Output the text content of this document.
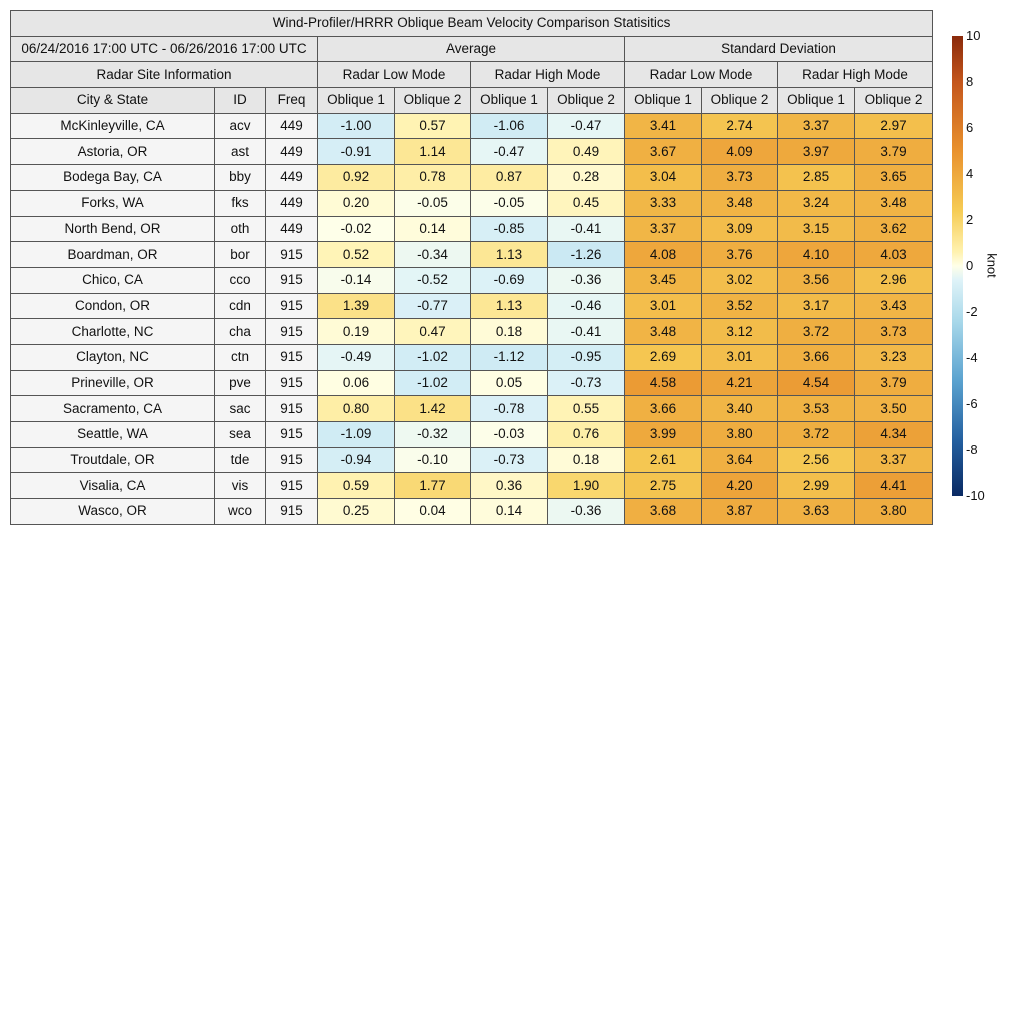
Wind-Profiler/HRRR Oblique Beam Velocity Comparison Statisitics										
06/24/2016 17:00 UTC - 06/26/2016 17:00 UTC			Average				Standard Deviation			
Radar Site Information			Radar Low Mode		Radar High Mode		Radar Low Mode		Radar High Mode	
City & State	ID	Freq	Oblique 1	Oblique 2	Oblique 1	Oblique 2	Oblique 1	Oblique 2	Oblique 1	Oblique 2
McKinleyville, CA	acv	449	-1.00	0.57	-1.06	-0.47	3.41	2.74	3.37	2.97
Astoria, OR	ast	449	-0.91	1.14	-0.47	0.49	3.67	4.09	3.97	3.79
Bodega Bay, CA	bby	449	0.92	0.78	0.87	0.28	3.04	3.73	2.85	3.65
Forks, WA	fks	449	0.20	-0.05	-0.05	0.45	3.33	3.48	3.24	3.48
North Bend, OR	oth	449	-0.02	0.14	-0.85	-0.41	3.37	3.09	3.15	3.62
Boardman, OR	bor	915	0.52	-0.34	1.13	-1.26	4.08	3.76	4.10	4.03
Chico, CA	cco	915	-0.14	-0.52	-0.69	-0.36	3.45	3.02	3.56	2.96
Condon, OR	cdn	915	1.39	-0.77	1.13	-0.46	3.01	3.52	3.17	3.43
Charlotte, NC	cha	915	0.19	0.47	0.18	-0.41	3.48	3.12	3.72	3.73
Clayton, NC	ctn	915	-0.49	-1.02	-1.12	-0.95	2.69	3.01	3.66	3.23
Prineville, OR	pve	915	0.06	-1.02	0.05	-0.73	4.58	4.21	4.54	3.79
Sacramento, CA	sac	915	0.80	1.42	-0.78	0.55	3.66	3.40	3.53	3.50
Seattle, WA	sea	915	-1.09	-0.32	-0.03	0.76	3.99	3.80	3.72	4.34
Troutdale, OR	tde	915	-0.94	-0.10	-0.73	0.18	2.61	3.64	2.56	3.37
Visalia, CA	vis	915	0.59	1.77	0.36	1.90	2.75	4.20	2.99	4.41
Wasco, OR	wco	915	0.25	0.04	0.14	-0.36	3.68	3.87	3.63	3.80
10
8
6
4
2
0
-2
-4
-6
-8
-10
knot
